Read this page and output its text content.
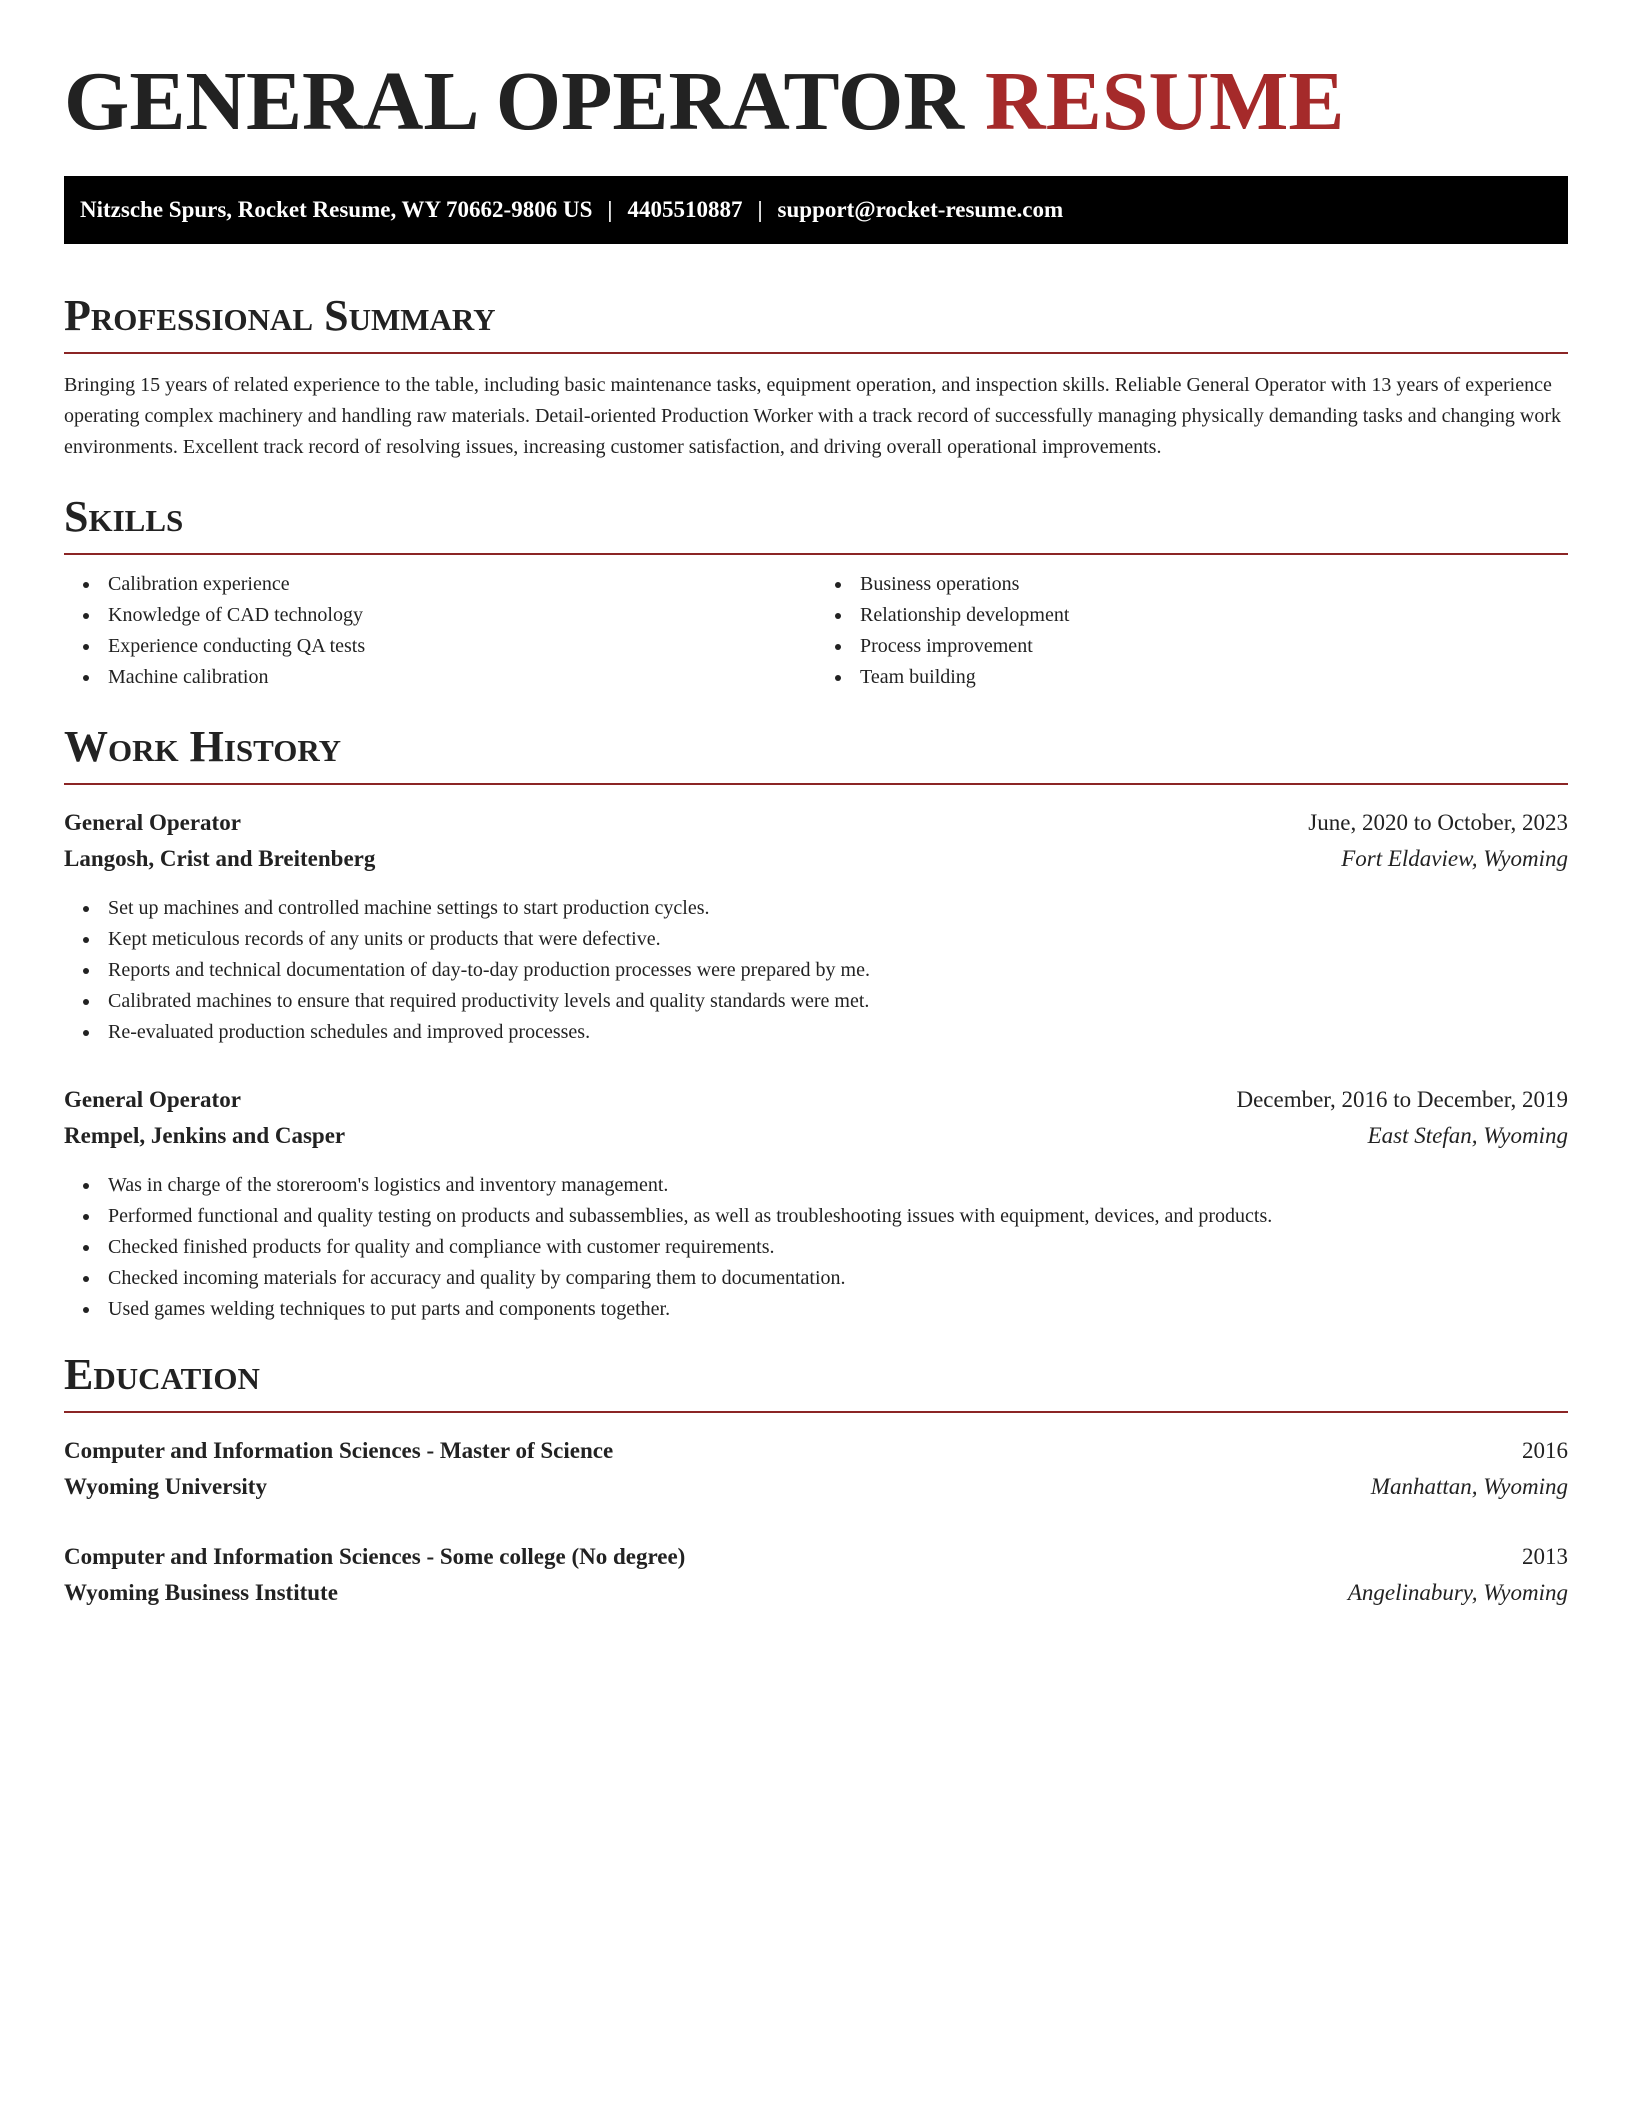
GENERAL OPERATOR RESUME
Nitzsche Spurs, Rocket Resume, WY 70662-9806 US | 4405510887 | support@rocket-resume.com
Professional Summary

Bringing 15 years of related experience to the table, including basic maintenance tasks, equipment operation, and inspection skills. Reliable General Operator with 13 years of experience operating complex machinery and handling raw materials. Detail-oriented Production Worker with a track record of successfully managing physically demanding tasks and changing work environments. Excellent track record of resolving issues, increasing customer satisfaction, and driving overall operational improvements.

Skills
Calibration experience
Knowledge of CAD technology
Experience conducting QA tests
Machine calibration
Business operations
Relationship development
Process improvement
Team building
Work History
General Operator	June, 2020 to October, 2023
Langosh, Crist and Breitenberg	Fort Eldaview, Wyoming
Set up machines and controlled machine settings to start production cycles.
Kept meticulous records of any units or products that were defective.
Reports and technical documentation of day-to-day production processes were prepared by me.
Calibrated machines to ensure that required productivity levels and quality standards were met.
Re-evaluated production schedules and improved processes.
General Operator	December, 2016 to December, 2019
Rempel, Jenkins and Casper	East Stefan, Wyoming
Was in charge of the storeroom's logistics and inventory management.
Performed functional and quality testing on products and subassemblies, as well as troubleshooting issues with equipment, devices, and products.
Checked finished products for quality and compliance with customer requirements.
Checked incoming materials for accuracy and quality by comparing them to documentation.
Used games welding techniques to put parts and components together.
Education
Computer and Information Sciences - Master of Science	2016
Wyoming University	Manhattan, Wyoming
Computer and Information Sciences - Some college (No degree)	2013
Wyoming Business Institute	Angelinabury, Wyoming
